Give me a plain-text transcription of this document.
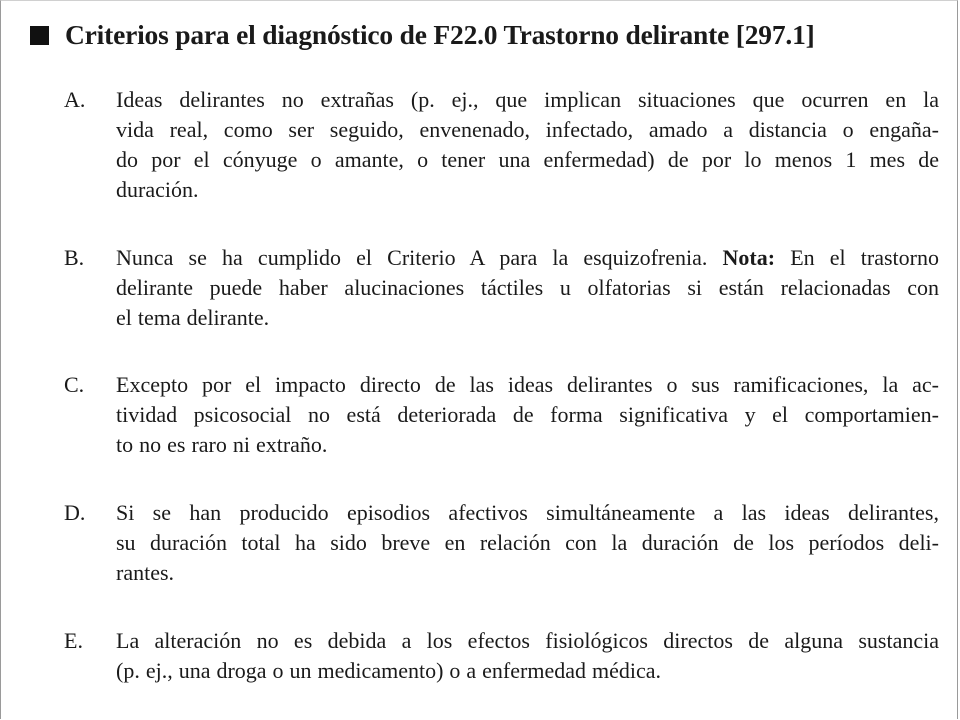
Criterios para el diagnóstico de F22.0 Trastorno delirante [297.1]
A.	Ideas delirantes no extrañas (p. ej., que implican situaciones que ocurren en la
vida real, como ser seguido, envenenado, infectado, amado a distancia o engaña-
do por el cónyuge o amante, o tener una enfermedad) de por lo menos 1 mes de
duración.
B.	Nunca se ha cumplido el Criterio A para la esquizofrenia. Nota: En el trastorno
delirante puede haber alucinaciones táctiles u olfatorias si están relacionadas con
el tema delirante.
C.	Excepto por el impacto directo de las ideas delirantes o sus ramificaciones, la ac-
tividad psicosocial no está deteriorada de forma significativa y el comportamien-
to no es raro ni extraño.
D.	Si se han producido episodios afectivos simultáneamente a las ideas delirantes,
su duración total ha sido breve en relación con la duración de los períodos deli-
rantes.
E.	La alteración no es debida a los efectos fisiológicos directos de alguna sustancia
(p. ej., una droga o un medicamento) o a enfermedad médica.
